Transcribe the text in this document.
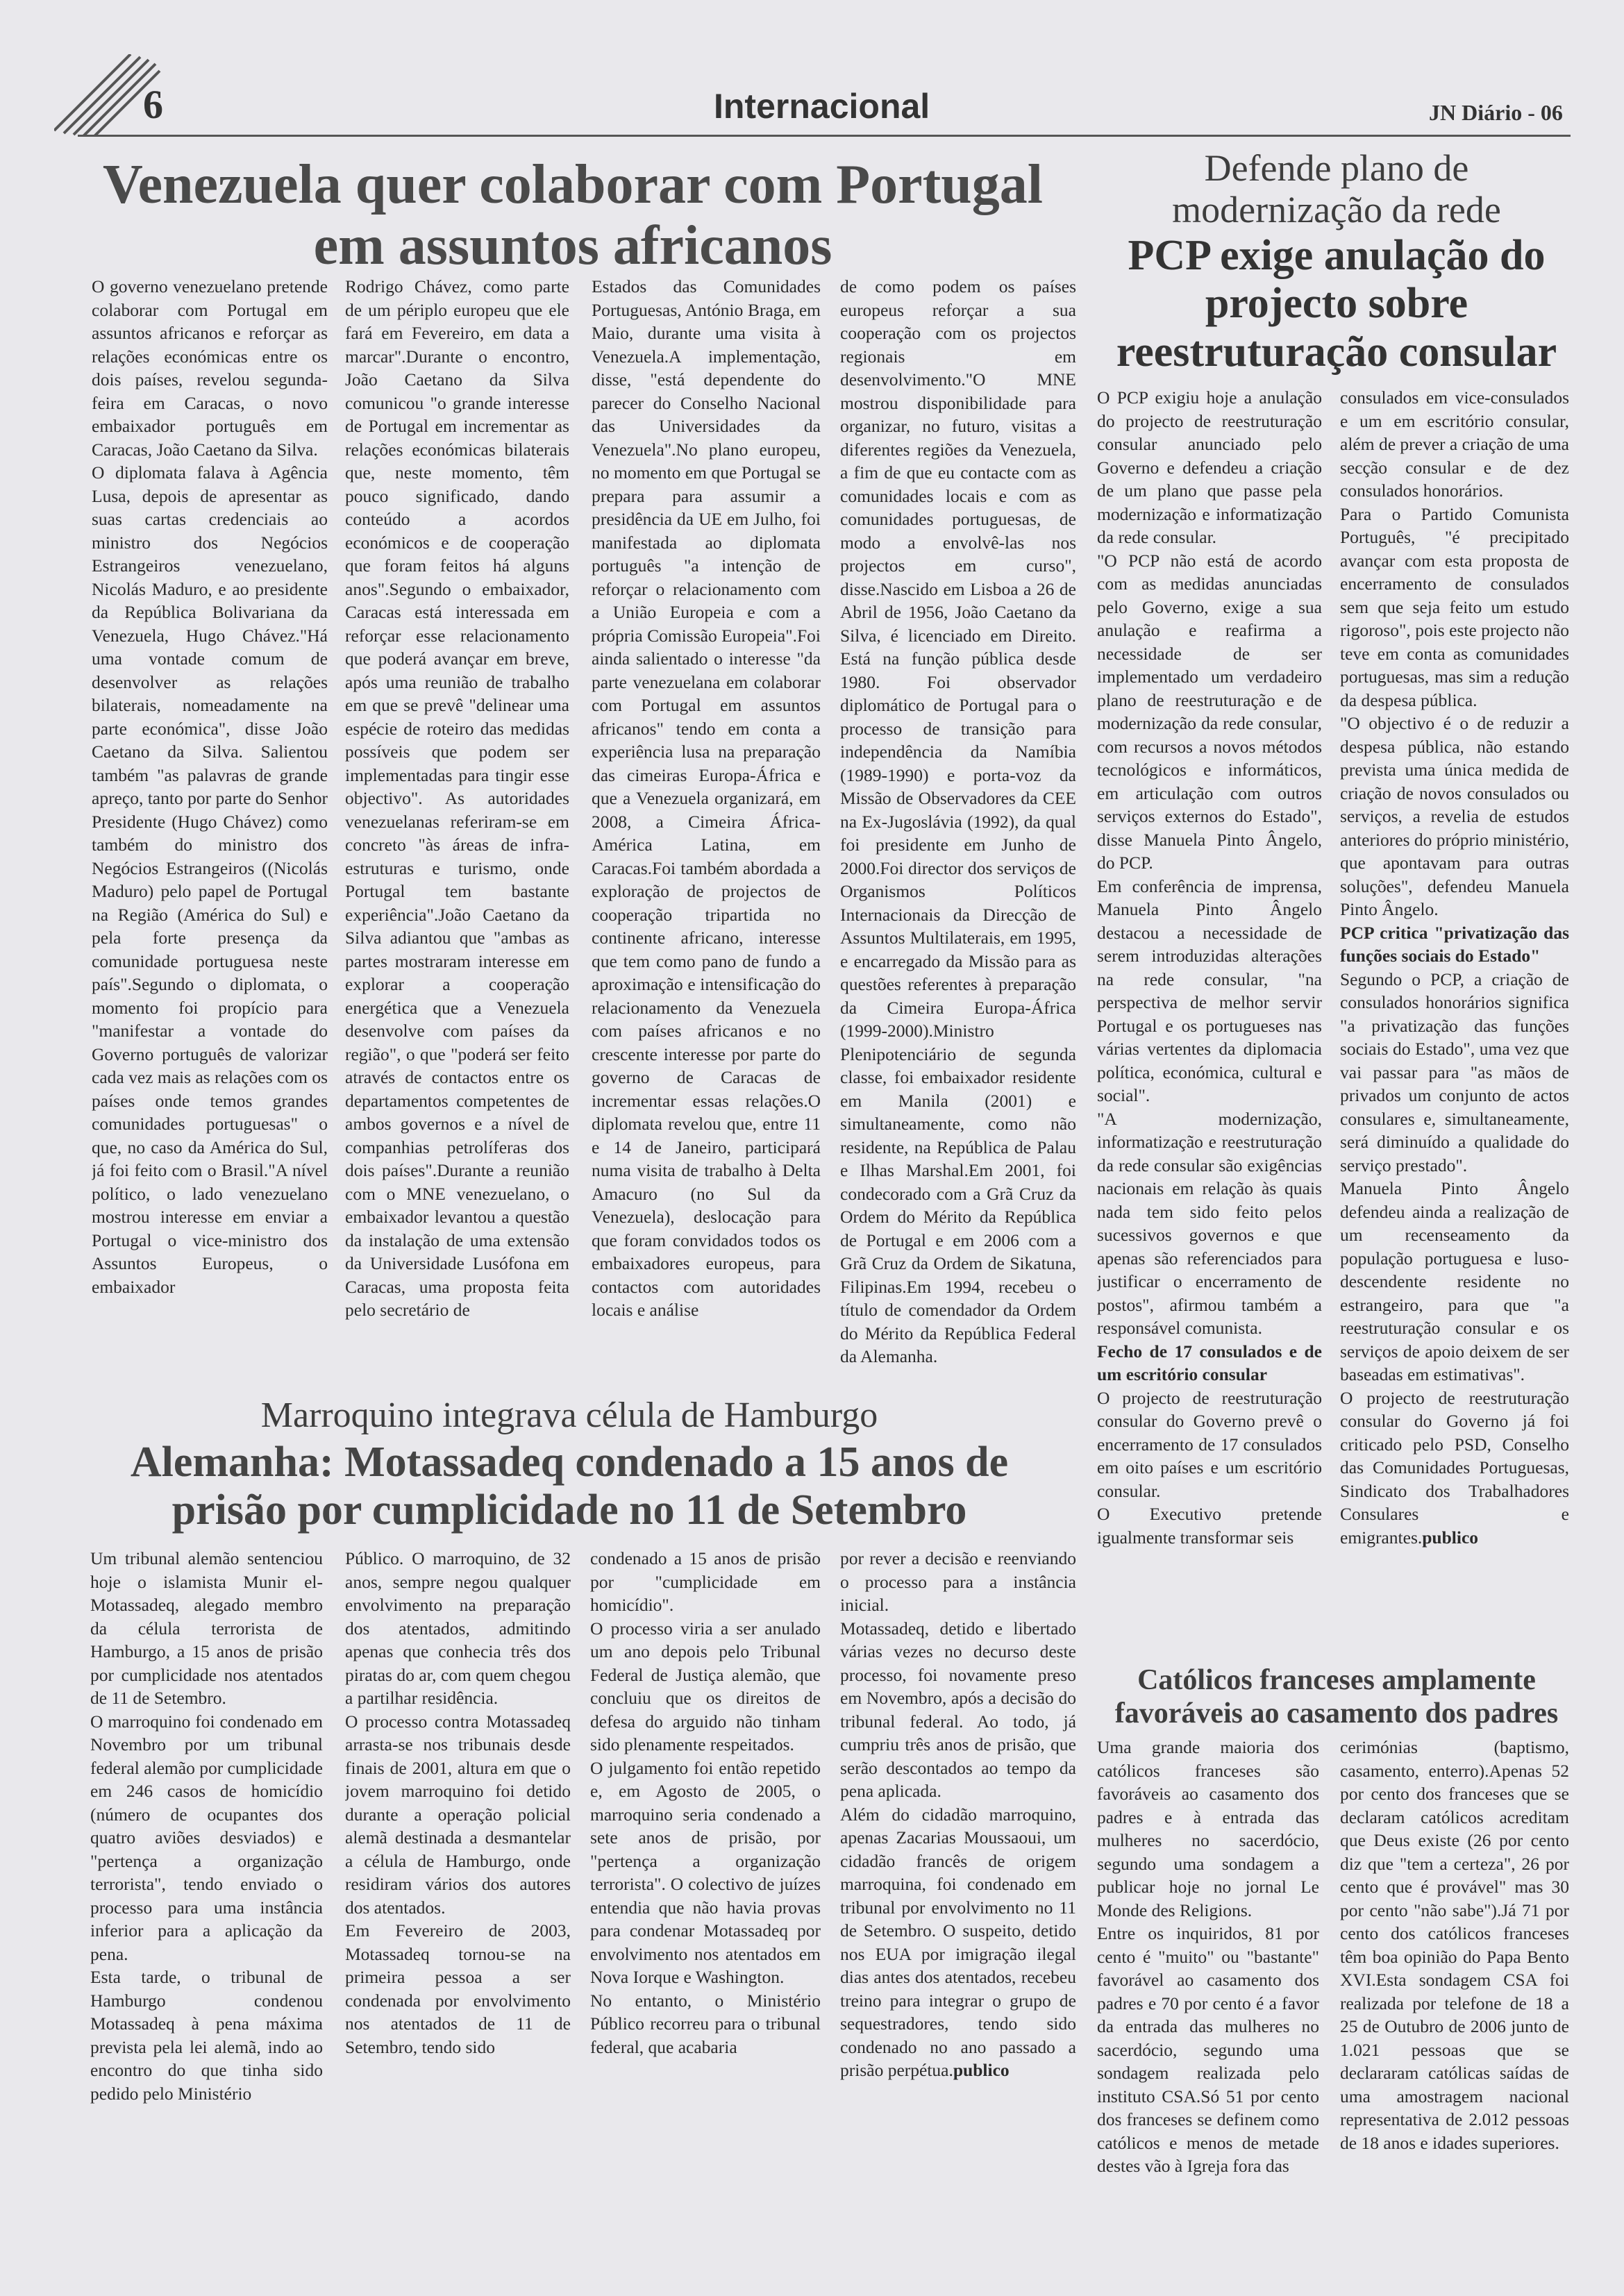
6	Internacional	JN Diário - 06
Venezuela quer colaborar com Portugal
em assuntos africanos

O governo venezuelano pretende colaborar com Portugal em assuntos africanos e reforçar as relações económicas entre os dois países, revelou segunda-feira em Caracas, o novo embaixador português em Caracas, João Caetano da Silva.

O diplomata falava à Agência Lusa, depois de apresentar as suas cartas credenciais ao ministro dos Negócios Estrangeiros venezuelano, Nicolás Maduro, e ao presidente da República Bolivariana da Venezuela, Hugo Chávez."Há uma vontade comum de desenvolver as relações bilaterais, nomeadamente na parte económica", disse João Caetano da Silva. Salientou também "as palavras de grande apreço, tanto por parte do Senhor Presidente (Hugo Chávez) como também do ministro dos Negócios Estrangeiros ((Nicolás Maduro) pelo papel de Portugal na Região (América do Sul) e pela forte presença da comunidade portuguesa neste país".Segundo o diplomata, o momento foi propício para "manifestar a vontade do Governo português de valorizar cada vez mais as relações com os países onde temos grandes comunidades portuguesas" o que, no caso da América do Sul, já foi feito com o Brasil."A nível político, o lado venezuelano mostrou interesse em enviar a Portugal o vice-ministro dos Assuntos Europeus, o embaixador

Rodrigo Chávez, como parte de um périplo europeu que ele fará em Fevereiro, em data a marcar".Durante o encontro, João Caetano da Silva comunicou "o grande interesse de Portugal em incrementar as relações económicas bilaterais que, neste momento, têm pouco significado, dando conteúdo a acordos económicos e de cooperação que foram feitos há alguns anos".Segundo o embaixador, Caracas está interessada em reforçar esse relacionamento que poderá avançar em breve, após uma reunião de trabalho em que se prevê "delinear uma espécie de roteiro das medidas possíveis que podem ser implementadas para tingir esse objectivo". As autoridades venezuelanas referiram-se em concreto "às áreas de infra-estruturas e turismo, onde Portugal tem bastante experiência".João Caetano da Silva adiantou que "ambas as partes mostraram interesse em explorar a cooperação energética que a Venezuela desenvolve com países da região", o que "poderá ser feito através de contactos entre os departamentos competentes de ambos governos e a nível de companhias petrolíferas dos dois países".Durante a reunião com o MNE venezuelano, o embaixador levantou a questão da instalação de uma extensão da Universidade Lusófona em Caracas, uma proposta feita pelo secretário de

Estados das Comunidades Portuguesas, António Braga, em Maio, durante uma visita à Venezuela.A implementação, disse, "está dependente do parecer do Conselho Nacional das Universidades da Venezuela".No plano europeu, no momento em que Portugal se prepara para assumir a presidência da UE em Julho, foi manifestada ao diplomata português "a intenção de reforçar o relacionamento com a União Europeia e com a própria Comissão Europeia".Foi ainda salientado o interesse "da parte venezuelana em colaborar com Portugal em assuntos africanos" tendo em conta a experiência lusa na preparação das cimeiras Europa-África e que a Venezuela organizará, em 2008, a Cimeira África-América Latina, em Caracas.Foi também abordada a exploração de projectos de cooperação tripartida no continente africano, interesse que tem como pano de fundo a aproximação e intensificação do relacionamento da Venezuela com países africanos e no crescente interesse por parte do governo de Caracas de incrementar essas relações.O diplomata revelou que, entre 11 e 14 de Janeiro, participará numa visita de trabalho à Delta Amacuro (no Sul da Venezuela), deslocação para que foram convidados todos os embaixadores europeus, para contactos com autoridades locais e análise

de como podem os países europeus reforçar a sua cooperação com os projectos regionais em desenvolvimento."O MNE mostrou disponibilidade para organizar, no futuro, visitas a diferentes regiões da Venezuela, a fim de que eu contacte com as comunidades locais e com as comunidades portuguesas, de modo a envolvê-las nos projectos em curso", disse.Nascido em Lisboa a 26 de Abril de 1956, João Caetano da Silva, é licenciado em Direito. Está na função pública desde 1980. Foi observador diplomático de Portugal para o processo de transição para independência da Namíbia (1989-1990) e porta-voz da Missão de Observadores da CEE na Ex-Jugoslávia (1992), da qual foi presidente em Junho de 2000.Foi director dos serviços de Organismos Políticos Internacionais da Direcção de Assuntos Multilaterais, em 1995, e encarregado da Missão para as questões referentes à preparação da Cimeira Europa-África (1999-2000).Ministro Plenipotenciário de segunda classe, foi embaixador residente em Manila (2001) e simultaneamente, como não residente, na República de Palau e Ilhas Marshal.Em 2001, foi condecorado com a Grã Cruz da Ordem do Mérito da República de Portugal e em 2006 com a Grã Cruz da Ordem de Sikatuna, Filipinas.Em 1994, recebeu o título de comendador da Ordem do Mérito da República Federal da Alemanha.

Defende plano de modernização da rede
PCP exige anulação do projecto sobre reestruturação consular

O PCP exigiu hoje a anulação do projecto de reestruturação consular anunciado pelo Governo e defendeu a criação de um plano que passe pela modernização e informatização da rede consular.

"O PCP não está de acordo com as medidas anunciadas pelo Governo, exige a sua anulação e reafirma a necessidade de ser implementado um verdadeiro plano de reestruturação e de modernização da rede consular, com recursos a novos métodos tecnológicos e informáticos, em articulação com outros serviços externos do Estado", disse Manuela Pinto Ângelo, do PCP.

Em conferência de imprensa, Manuela Pinto Ângelo destacou a necessidade de serem introduzidas alterações na rede consular, "na perspectiva de melhor servir Portugal e os portugueses nas várias vertentes da diplomacia política, económica, cultural e social".

"A modernização, informatização e reestruturação da rede consular são exigências nacionais em relação às quais nada tem sido feito pelos sucessivos governos e que apenas são referenciados para justificar o encerramento de postos", afirmou também a responsável comunista.

Fecho de 17 consulados e de um escritório consular

O projecto de reestruturação consular do Governo prevê o encerramento de 17 consulados em oito países e um escritório consular.

O Executivo pretende igualmente transformar seis

consulados em vice-consulados e um em escritório consular, além de prever a criação de uma secção consular e de dez consulados honorários.

Para o Partido Comunista Português, "é precipitado avançar com esta proposta de encerramento de consulados sem que seja feito um estudo rigoroso", pois este projecto não teve em conta as comunidades portuguesas, mas sim a redução da despesa pública.

"O objectivo é o de reduzir a despesa pública, não estando prevista uma única medida de criação de novos consulados ou serviços, a revelia de estudos anteriores do próprio ministério, que apontavam para outras soluções", defendeu Manuela Pinto Ângelo.

PCP critica "privatização das funções sociais do Estado"

Segundo o PCP, a criação de consulados honorários significa "a privatização das funções sociais do Estado", uma vez que vai passar para "as mãos de privados um conjunto de actos consulares e, simultaneamente, será diminuído a qualidade do serviço prestado".

Manuela Pinto Ângelo defendeu ainda a realização de um recenseamento da população portuguesa e luso-descendente residente no estrangeiro, para que "a reestruturação consular e os serviços de apoio deixem de ser baseadas em estimativas".

O projecto de reestruturação consular do Governo já foi criticado pelo PSD, Conselho das Comunidades Portuguesas, Sindicato dos Trabalhadores Consulares e emigrantes.publico

Marroquino integrava célula de Hamburgo
Alemanha: Motassadeq condenado a 15 anos de
prisão por cumplicidade no 11 de Setembro

Um tribunal alemão sentenciou hoje o islamista Munir el-Motassadeq, alegado membro da célula terrorista de Hamburgo, a 15 anos de prisão por cumplicidade nos atentados de 11 de Setembro.

O marroquino foi condenado em Novembro por um tribunal federal alemão por cumplicidade em 246 casos de homicídio (número de ocupantes dos quatro aviões desviados) e "pertença a organização terrorista", tendo enviado o processo para uma instância inferior para a aplicação da pena.

Esta tarde, o tribunal de Hamburgo condenou Motassadeq à pena máxima prevista pela lei alemã, indo ao encontro do que tinha sido pedido pelo Ministério

Público. O marroquino, de 32 anos, sempre negou qualquer envolvimento na preparação dos atentados, admitindo apenas que conhecia três dos piratas do ar, com quem chegou a partilhar residência.

O processo contra Motassadeq arrasta-se nos tribunais desde finais de 2001, altura em que o jovem marroquino foi detido durante a operação policial alemã destinada a desmantelar a célula de Hamburgo, onde residiram vários dos autores dos atentados.

Em Fevereiro de 2003, Motassadeq tornou-se na primeira pessoa a ser condenada por envolvimento nos atentados de 11 de Setembro, tendo sido

condenado a 15 anos de prisão por "cumplicidade em homicídio".

O processo viria a ser anulado um ano depois pelo Tribunal Federal de Justiça alemão, que concluiu que os direitos de defesa do arguido não tinham sido plenamente respeitados.

O julgamento foi então repetido e, em Agosto de 2005, o marroquino seria condenado a sete anos de prisão, por "pertença a organização terrorista". O colectivo de juízes entendia que não havia provas para condenar Motassadeq por envolvimento nos atentados em Nova Iorque e Washington.

No entanto, o Ministério Público recorreu para o tribunal federal, que acabaria

por rever a decisão e reenviando o processo para a instância inicial.

Motassadeq, detido e libertado várias vezes no decurso deste processo, foi novamente preso em Novembro, após a decisão do tribunal federal. Ao todo, já cumpriu três anos de prisão, que serão descontados ao tempo da pena aplicada.

Além do cidadão marroquino, apenas Zacarias Moussaoui, um cidadão francês de origem marroquina, foi condenado em tribunal por envolvimento no 11 de Setembro. O suspeito, detido nos EUA por imigração ilegal dias antes dos atentados, recebeu treino para integrar o grupo de sequestradores, tendo sido condenado no ano passado a prisão perpétua.publico

Católicos franceses amplamente favoráveis ao casamento dos padres

Uma grande maioria dos católicos franceses são favoráveis ao casamento dos padres e à entrada das mulheres no sacerdócio, segundo uma sondagem a publicar hoje no jornal Le Monde des Religions.

Entre os inquiridos, 81 por cento é "muito" ou "bastante" favorável ao casamento dos padres e 70 por cento é a favor da entrada das mulheres no sacerdócio, segundo uma sondagem realizada pelo instituto CSA.Só 51 por cento dos franceses se definem como católicos e menos de metade destes vão à Igreja fora das

cerimónias (baptismo, casamento, enterro).Apenas 52 por cento dos franceses que se declaram católicos acreditam que Deus existe (26 por cento diz que "tem a certeza", 26 por cento que é provável" mas 30 por cento "não sabe").Já 71 por cento dos católicos franceses têm boa opinião do Papa Bento XVI.Esta sondagem CSA foi realizada por telefone de 18 a 25 de Outubro de 2006 junto de 1.021 pessoas que se declararam católicas saídas de uma amostragem nacional representativa de 2.012 pessoas de 18 anos e idades superiores.
